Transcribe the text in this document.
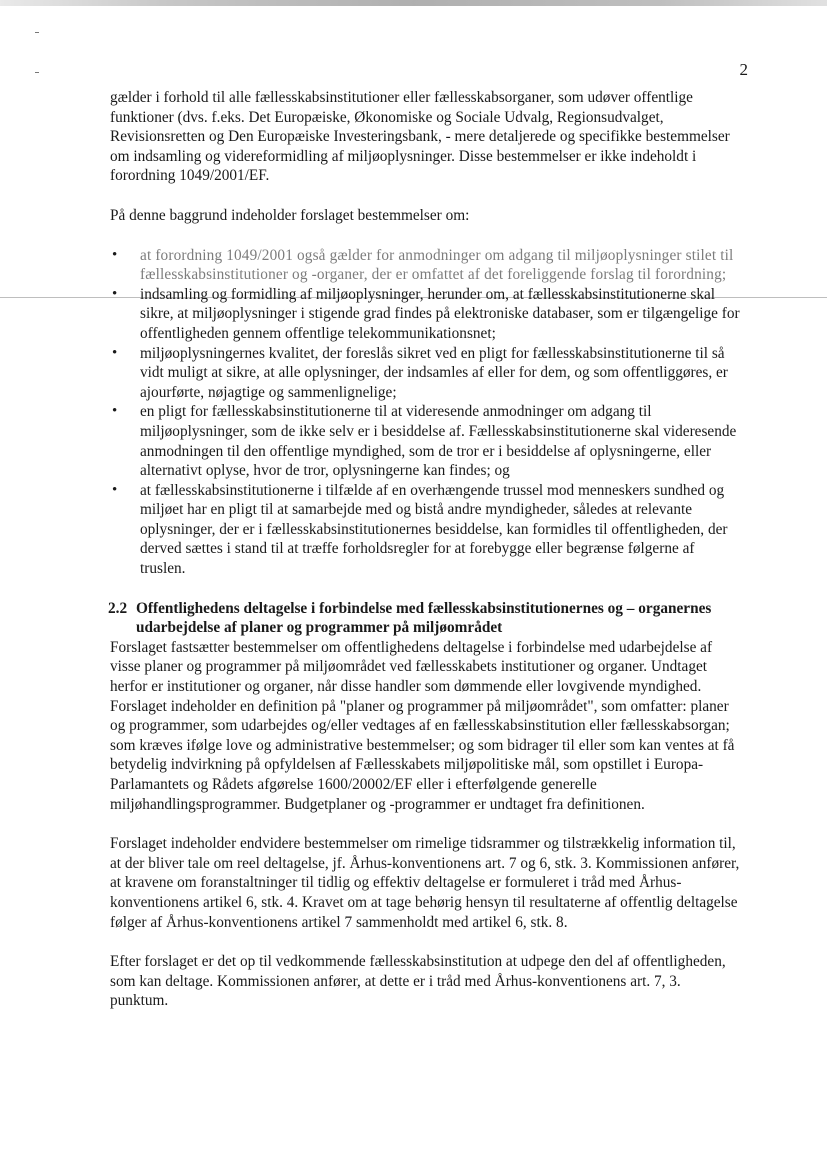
2

gælder i forhold til alle fællesskabsinstitutioner eller fællesskabsorganer, som udøver offentlige funktioner (dvs. f.eks. Det Europæiske, Økonomiske og Sociale Udvalg, Regionsudvalget, Revisionsretten og Den Europæiske Investeringsbank, - mere detaljerede og specifikke bestemmelser om indsamling og videreformidling af miljøoplysninger. Disse bestemmelser er ikke indeholdt i forordning 1049/2001/EF.

På denne baggrund indeholder forslaget bestemmelser om:

• at forordning 1049/2001 også gælder for anmodninger om adgang til miljøoplysninger stilet til fællesskabsinstitutioner og -organer, der er omfattet af det foreliggende forslag til forordning;
• indsamling og formidling af miljøoplysninger, herunder om, at fællesskabsinstitutionerne skal sikre, at miljøoplysninger i stigende grad findes på elektroniske databaser, som er tilgængelige for offentligheden gennem offentlige telekommunikationsnet;
• miljøoplysningernes kvalitet, der foreslås sikret ved en pligt for fællesskabsinstitutionerne til så vidt muligt at sikre, at alle oplysninger, der indsamles af eller for dem, og som offentliggøres, er ajourførte, nøjagtige og sammenlignelige;
• en pligt for fællesskabsinstitutionerne til at videresende anmodninger om adgang til miljøoplysninger, som de ikke selv er i besiddelse af. Fællesskabsinstitutionerne skal videresende anmodningen til den offentlige myndighed, som de tror er i besiddelse af oplysningerne, eller alternativt oplyse, hvor de tror, oplysningerne kan findes; og
• at fællesskabsinstitutionerne i tilfælde af en overhængende trussel mod menneskers sundhed og miljøet har en pligt til at samarbejde med og bistå andre myndigheder, således at relevante oplysninger, der er i fællesskabsinstitutionernes besiddelse, kan formidles til offentligheden, der derved sættes i stand til at træffe forholdsregler for at forebygge eller begrænse følgerne af truslen.
2.2 Offentlighedens deltagelse i forbindelse med fællesskabsinstitutionernes og – organernes udarbejdelse af planer og programmer på miljøområdet

Forslaget fastsætter bestemmelser om offentlighedens deltagelse i forbindelse med udarbejdelse af visse planer og programmer på miljøområdet ved fællesskabets institutioner og organer. Undtaget herfor er institutioner og organer, når disse handler som dømmende eller lovgivende myndighed. Forslaget indeholder en definition på "planer og programmer på miljøområdet", som omfatter: planer og programmer, som udarbejdes og/eller vedtages af en fællesskabsinstitution eller fællesskabsorgan; som kræves ifølge love og administrative bestemmelser; og som bidrager til eller som kan ventes at få betydelig indvirkning på opfyldelsen af Fællesskabets miljøpolitiske mål, som opstillet i Europa-Parlamantets og Rådets afgørelse 1600/20002/EF eller i efterfølgende generelle miljøhandlingsprogrammer. Budgetplaner og -programmer er undtaget fra definitionen.

Forslaget indeholder endvidere bestemmelser om rimelige tidsrammer og tilstrækkelig information til, at der bliver tale om reel deltagelse, jf. Århus-konventionens art. 7 og 6, stk. 3. Kommissionen anfører, at kravene om foranstaltninger til tidlig og effektiv deltagelse er formuleret i tråd med Århus-konventionens artikel 6, stk. 4. Kravet om at tage behørig hensyn til resultaterne af offentlig deltagelse følger af Århus-konventionens artikel 7 sammenholdt med artikel 6, stk. 8.

Efter forslaget er det op til vedkommende fællesskabsinstitution at udpege den del af offentligheden, som kan deltage. Kommissionen anfører, at dette er i tråd med Århus-konventionens art. 7, 3. punktum.
